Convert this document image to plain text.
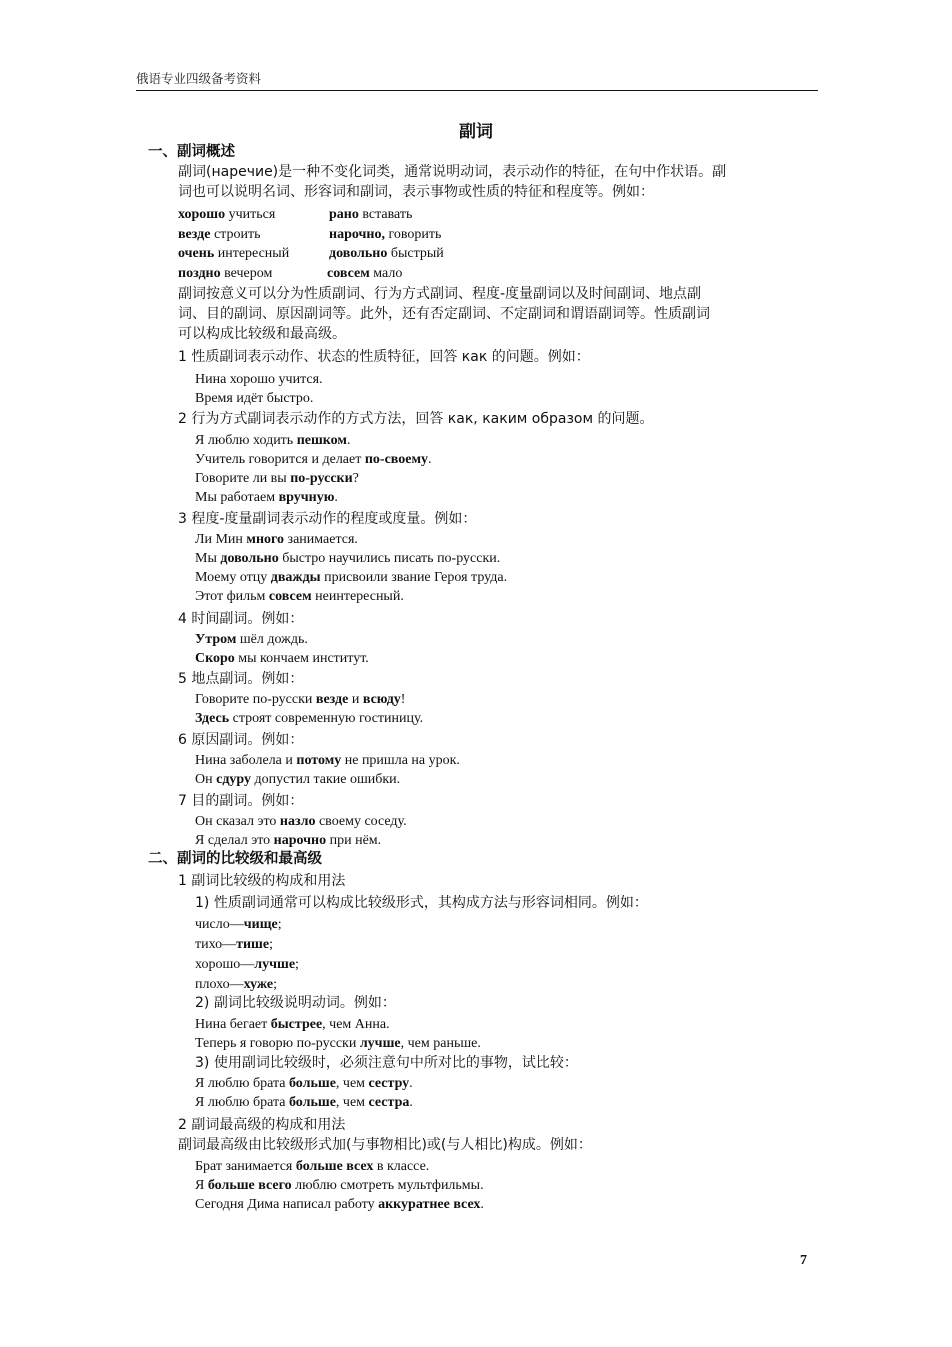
俄语专业四级备考资料
副词
一、副词概述
二、副词的比较级和最高级
副词(наречие)是一种不变化词类，通常说明动词，表示动作的特征，在句中作状语。副
词也可以说明名词、形容词和副词，表示事物或性质的特征和程度等。例如：
хорошо учиться	рано вставать
везде строить	нарочно, говорить
очень интересный	довольно быстрый
поздно вечером	совсем мало
副词按意义可以分为性质副词、行为方式副词、程度-度量副词以及时间副词、地点副
词、目的副词、原因副词等。此外，还有否定副词、不定副词和谓语副词等。性质副词
可以构成比较级和最高级。
1 性质副词表示动作、状态的性质特征，回答 как 的问题。例如：
Нина хорошо учится.
Время идёт быстро.
2 行为方式副词表示动作的方式方法，回答 как, каким образом 的问题。
Я люблю ходить пешком.
Учитель говорится и делает по-своему.
Говорите ли вы по-русски?
Мы работаем вручную.
3 程度-度量副词表示动作的程度或度量。例如：
Ли Мин много занимается.
Мы довольно быстро научились писать по-русски.
Моему отцу дважды присвоили звание Героя труда.
Этот фильм совсем неинтересный.
4 时间副词。例如：
Утром шёл дождь.
Скоро мы кончаем институт.
5 地点副词。例如：
Говорите по-русски везде и всюду!
Здесь строят современную гостиницу.
6 原因副词。例如：
Нина заболела и потому не пришла на урок.
Он сдуру допустил такие ошибки.
7 目的副词。例如：
Он сказал это назло своему соседу.
Я сделал это нарочно при нём.
1 副词比较级的构成和用法
1) 性质副词通常可以构成比较级形式，其构成方法与形容词相同。例如：
число—чище;
тихо—тише;
хорошо—лучше;
плохо—хуже;
2) 副词比较级说明动词。例如：
Нина бегает быстрее, чем Анна.
Теперь я говорю по-русски лучше, чем раньше.
3) 使用副词比较级时，必须注意句中所对比的事物，试比较：
Я люблю брата больше, чем сестру.
Я люблю брата больше, чем сестра.
2 副词最高级的构成和用法
副词最高级由比较级形式加(与事物相比)或(与人相比)构成。例如：
Брат занимается больше всех в классе.
Я больше всего люблю смотреть мультфильмы.
Сегодня Дима написал работу аккуратнее всех.
7
